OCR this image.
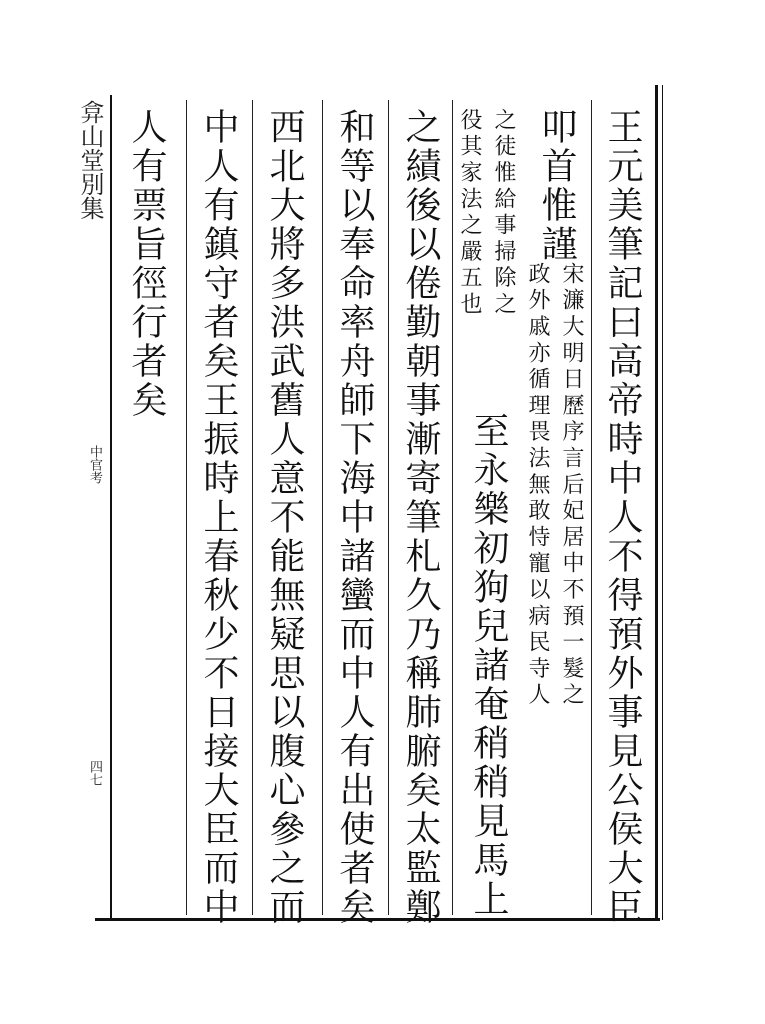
弇山堂別集
中官考
四七	王元美筆記曰高帝時中人不得預外事見公侯大臣
叩首惟謹
宋濂大明日歷序言后妃居中不預一髮之
政外戚亦循理畏法無敢恃寵以病民寺人
之徒惟給事掃除之
役其家法之嚴五也
至永樂初狗兒諸奄稍稍見馬上
之績後以倦勤朝事漸寄筆札久乃稱肺腑矣太監鄭
和等以奉命率舟師下海中諸蠻而中人有出使者矣
西北大將多洪武舊人意不能無疑思以腹心參之而
中人有鎮守者矣王振時上春秋少不日接大臣而中
人有票旨徑行者矣
